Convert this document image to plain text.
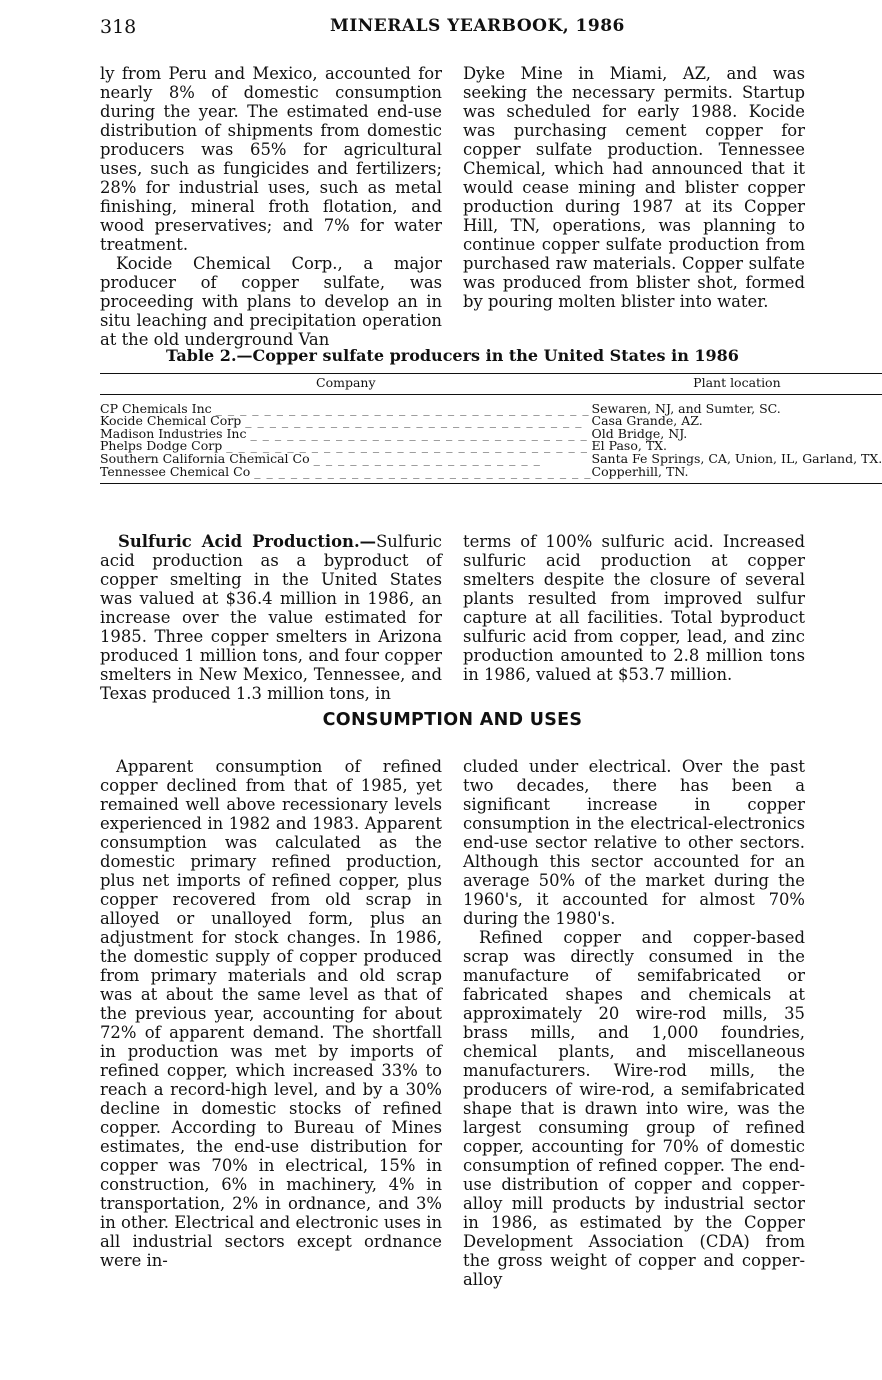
318	MINERALS YEARBOOK, 1986

ly from Peru and Mexico, accounted for nearly 8% of domestic consumption during the year. The estimated end-use distribution of shipments from domestic producers was 65% for agricultural uses, such as fungicides and fertilizers; 28% for industrial uses, such as metal finishing, mineral froth flotation, and wood preservatives; and 7% for water treatment.

Kocide Chemical Corp., a major producer of copper sulfate, was proceeding with plans to develop an in situ leaching and precipitation operation at the old underground Van

Dyke Mine in Miami, AZ, and was seeking the necessary permits. Startup was scheduled for early 1988. Kocide was purchasing cement copper for copper sulfate production. Tennessee Chemical, which had announced that it would cease mining and blister copper production during 1987 at its Copper Hill, TN, operations, was planning to continue copper sulfate production from purchased raw materials. Copper sulfate was produced from blister shot, formed by pouring molten blister into water.

Table 2.—Copper sulfate producers in the United States in 1986
Company	Plant location
CP Chemicals Inc _ _ _ _ _ _ _ _ _ _ _ _ _ _ _ _ _ _ _ _ _ _ _ _ _ _ _ _ _ _ _	Sewaren, NJ, and Sumter, SC.
Kocide Chemical Corp _ _ _ _ _ _ _ _ _ _ _ _ _ _ _ _ _ _ _ _ _ _ _ _ _ _ _ _	Casa Grande, AZ.
Madison Industries Inc _ _ _ _ _ _ _ _ _ _ _ _ _ _ _ _ _ _ _ _ _ _ _ _ _ _ _ _	Old Bridge, NJ.
Phelps Dodge Corp _ _ _ _ _ _ _ _ _ _ _ _ _ _ _ _ _ _ _ _ _ _ _ _ _ _ _ _ _ _	El Paso, TX.
Southern California Chemical Co _ _ _ _ _ _ _ _ _ _ _ _ _ _ _ _ _ _ _	Santa Fe Springs, CA, Union, IL, Garland, TX.
Tennessee Chemical Co _ _ _ _ _ _ _ _ _ _ _ _ _ _ _ _ _ _ _ _ _ _ _ _ _ _ _ _	Copperhill, TN.

Sulfuric Acid Production.—Sulfuric acid production as a byproduct of copper smelting in the United States was valued at $36.4 million in 1986, an increase over the value estimated for 1985. Three copper smelters in Arizona produced 1 million tons, and four copper smelters in New Mexico, Tennessee, and Texas produced 1.3 million tons, in

terms of 100% sulfuric acid. Increased sulfuric acid production at copper smelters despite the closure of several plants resulted from improved sulfur capture at all facilities. Total byproduct sulfuric acid from copper, lead, and zinc production amounted to 2.8 million tons in 1986, valued at $53.7 million.

CONSUMPTION AND USES

Apparent consumption of refined copper declined from that of 1985, yet remained well above recessionary levels experienced in 1982 and 1983. Apparent consumption was calculated as the domestic primary refined production, plus net imports of refined copper, plus copper recovered from old scrap in alloyed or unalloyed form, plus an adjustment for stock changes. In 1986, the domestic supply of copper produced from primary materials and old scrap was at about the same level as that of the previous year, accounting for about 72% of apparent demand. The shortfall in production was met by imports of refined copper, which increased 33% to reach a record-high level, and by a 30% decline in domestic stocks of refined copper. According to Bureau of Mines estimates, the end-use distribution for copper was 70% in electrical, 15% in construction, 6% in machinery, 4% in transportation, 2% in ordnance, and 3% in other. Electrical and electronic uses in all industrial sectors except ordnance were in-

cluded under electrical. Over the past two decades, there has been a significant increase in copper consumption in the electrical-electronics end-use sector relative to other sectors. Although this sector accounted for an average 50% of the market during the 1960's, it accounted for almost 70% during the 1980's.

Refined copper and copper-based scrap was directly consumed in the manufacture of semifabricated or fabricated shapes and chemicals at approximately 20 wire-rod mills, 35 brass mills, and 1,000 foundries, chemical plants, and miscellaneous manufacturers. Wire-rod mills, the producers of wire-rod, a semifabricated shape that is drawn into wire, was the largest consuming group of refined copper, accounting for 70% of domestic consumption of refined copper. The end-use distribution of copper and copper-alloy mill products by industrial sector in 1986, as estimated by the Copper Development Association (CDA) from the gross weight of copper and copper-alloy
